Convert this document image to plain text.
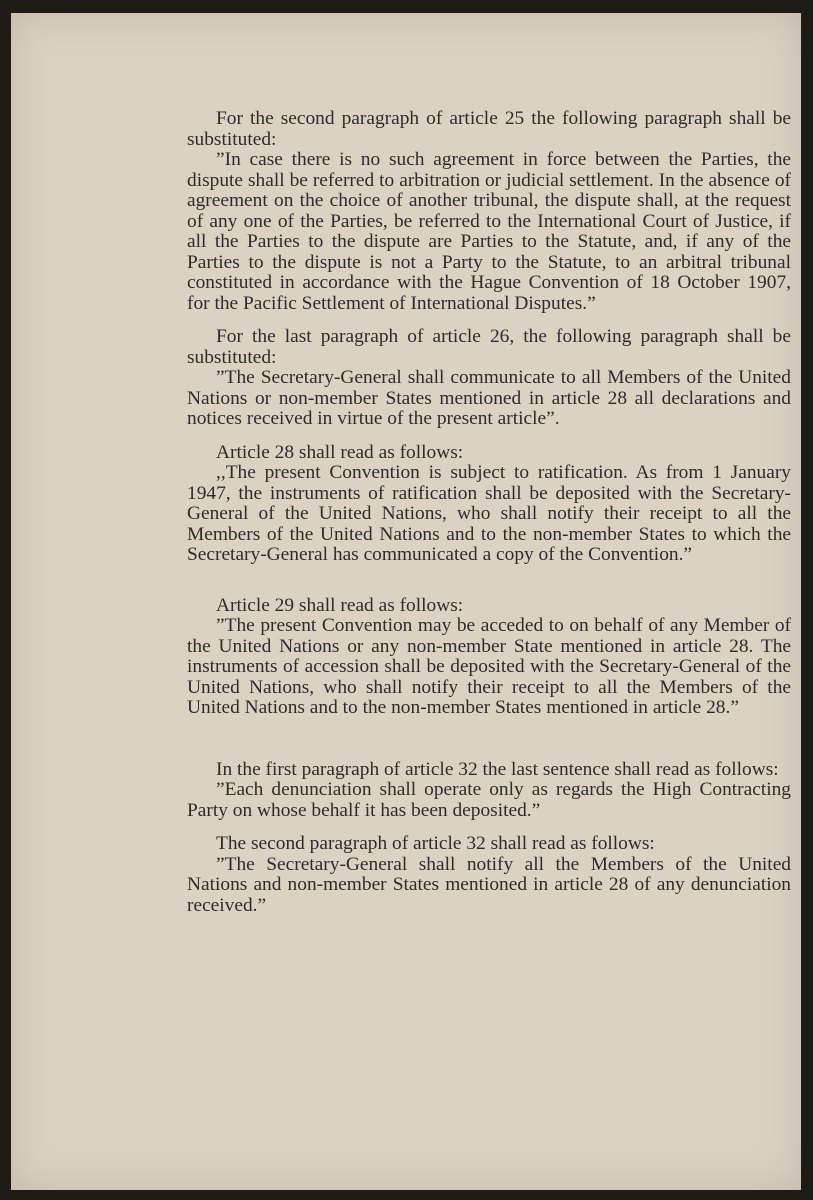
For the second paragraph of article 25 the following paragraph shall be substituted:

”In case there is no such agreement in force between the Parties, the dispute shall be referred to arbitration or judicial settlement. In the absence of agreement on the choice of another tribunal, the dispute shall, at the request of any one of the Parties, be referred to the International Court of Justice, if all the Parties to the dispute are Parties to the Statute, and, if any of the Parties to the dispute is not a Party to the Statute, to an arbitral tribunal constituted in accordance with the Hague Convention of 18 October 1907, for the Pacific Settlement of International Disputes.”

For the last paragraph of article 26, the following paragraph shall be substituted:

”The Secretary-General shall communicate to all Members of the United Nations or non-member States mentioned in article 28 all declarations and notices received in virtue of the present article”.

Article 28 shall read as follows:

,,The present Convention is subject to ratification. As from 1 January 1947, the instruments of ratification shall be deposited with the Secretary-General of the United Nations, who shall notify their receipt to all the Members of the United Nations and to the non-member States to which the Secretary-General has communicated a copy of the Convention.”

Article 29 shall read as follows:

”The present Convention may be acceded to on behalf of any Member of the United Nations or any non-member State mentioned in article 28. The instruments of accession shall be deposited with the Secretary-General of the United Nations, who shall notify their receipt to all the Members of the United Nations and to the non-member States mentioned in article 28.”

In the first paragraph of article 32 the last sentence shall read as follows:

”Each denunciation shall operate only as regards the High Contracting Party on whose behalf it has been deposited.”

The second paragraph of article 32 shall read as follows:

”The Secretary-General shall notify all the Members of the United Nations and non-member States mentioned in article 28 of any denunciation received.”
